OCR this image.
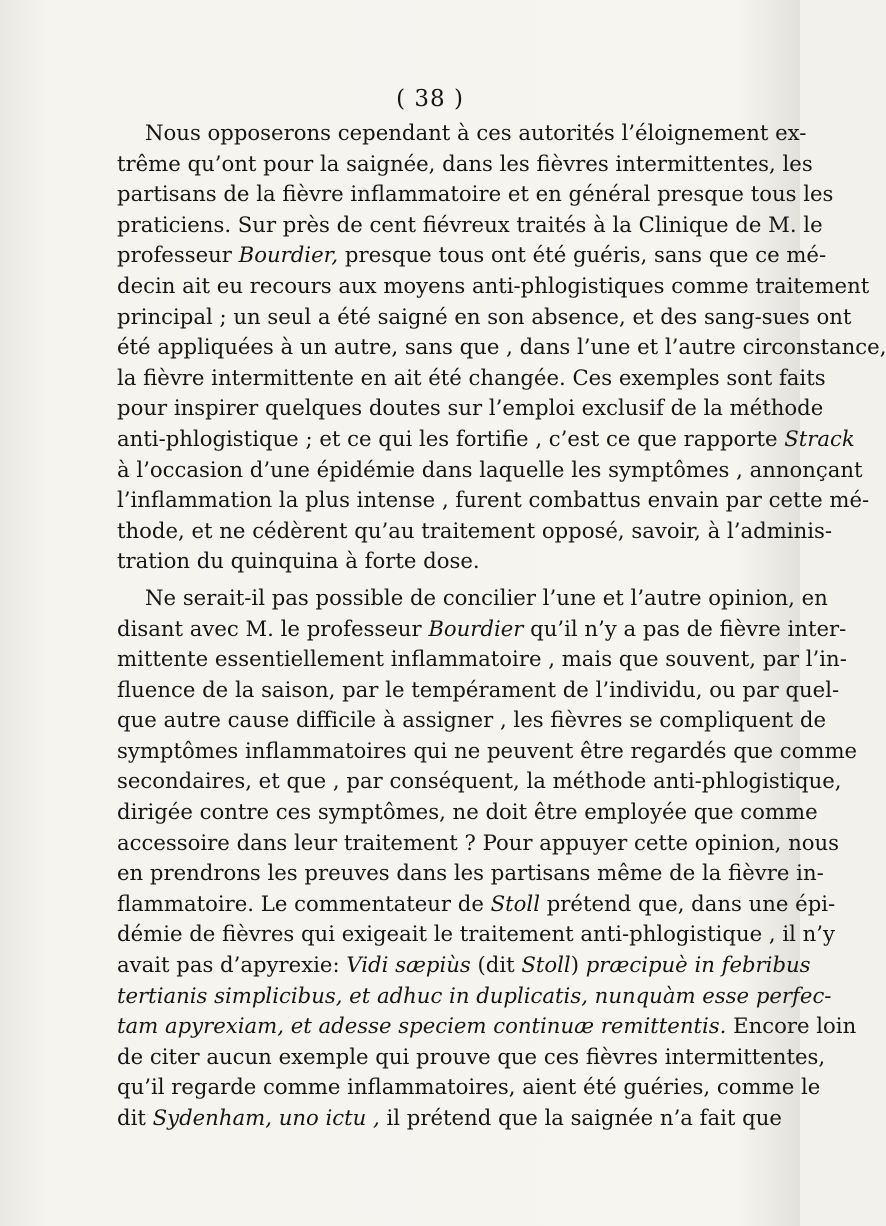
( 38 )
Nous opposerons cependant à ces autorités l’éloignement ex-
trême qu’ont pour la saignée, dans les fièvres intermittentes, les
partisans de la fièvre inflammatoire et en général presque tous les
praticiens. Sur près de cent fiévreux traités à la Clinique de M. le
professeur Bourdier, presque tous ont été guéris, sans que ce mé-
decin ait eu recours aux moyens anti-phlogistiques comme traitement
principal ; un seul a été saigné en son absence, et des sang-sues ont
été appliquées à un autre, sans que , dans l’une et l’autre circonstance,
la fièvre intermittente en ait été changée. Ces exemples sont faits
pour inspirer quelques doutes sur l’emploi exclusif de la méthode
anti-phlogistique ; et ce qui les fortifie , c’est ce que rapporte Strack
à l’occasion d’une épidémie dans laquelle les symptômes , annonçant
l’inflammation la plus intense , furent combattus envain par cette mé-
thode, et ne cédèrent qu’au traitement opposé, savoir, à l’adminis-
tration du quinquina à forte dose.
Ne serait-il pas possible de concilier l’une et l’autre opinion, en
disant avec M. le professeur Bourdier qu’il n’y a pas de fièvre inter-
mittente essentiellement inflammatoire , mais que souvent, par l’in-
fluence de la saison, par le tempérament de l’individu, ou par quel-
que autre cause difficile à assigner , les fièvres se compliquent de
symptômes inflammatoires qui ne peuvent être regardés que comme
secondaires, et que , par conséquent, la méthode anti-phlogistique,
dirigée contre ces symptômes, ne doit être employée que comme
accessoire dans leur traitement ? Pour appuyer cette opinion, nous
en prendrons les preuves dans les partisans même de la fièvre in-
flammatoire. Le commentateur de Stoll prétend que, dans une épi-
démie de fièvres qui exigeait le traitement anti-phlogistique , il n’y
avait pas d’apyrexie: Vidi sæpiùs (dit Stoll) præcipuè in febribus
tertianis simplicibus, et adhuc in duplicatis, nunquàm esse perfec-
tam apyrexiam, et adesse speciem continuæ remittentis. Encore loin
de citer aucun exemple qui prouve que ces fièvres intermittentes,
qu’il regarde comme inflammatoires, aient été guéries, comme le
dit Sydenham, uno ictu , il prétend que la saignée n’a fait que
